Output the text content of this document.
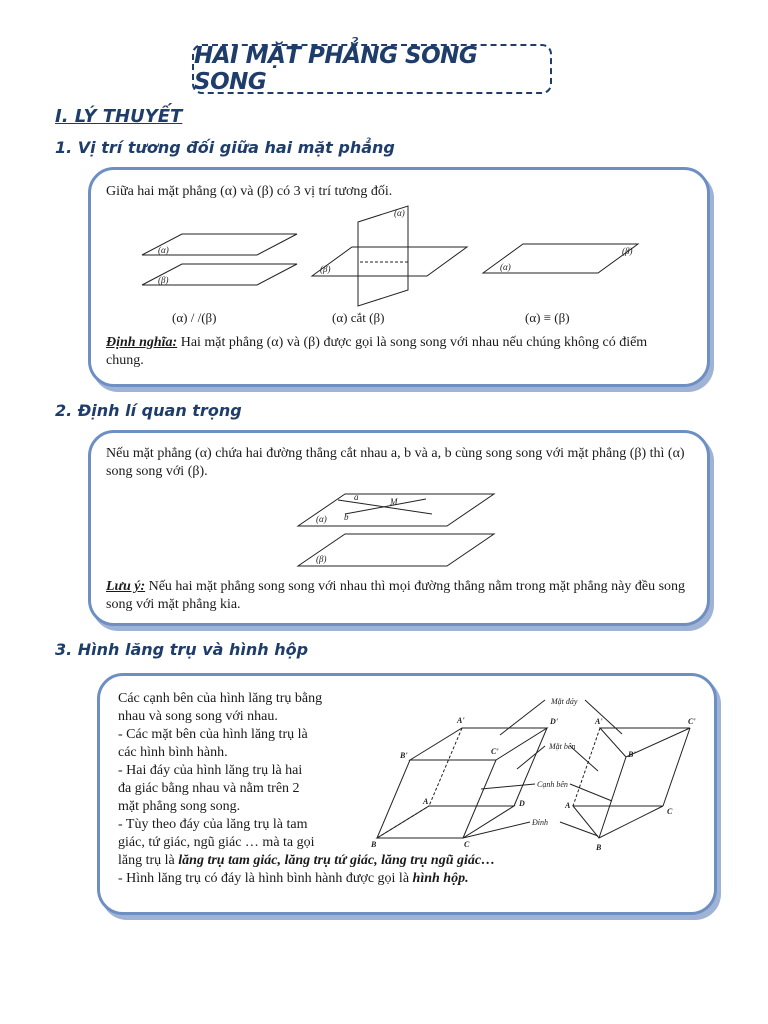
HAI MẶT PHẲNG SONG SONG
I. LÝ THUYẾT
1. Vị trí tương đối giữa hai mặt phẳng
Giữa hai mặt phẳng (α) và (β) có 3 vị trí tương đối.
(α)
(β)
(α)
(β)	(α)
(β)
(α) / /(β)	(α) cắt (β)	(α) ≡ (β)
Định nghĩa: Hai mặt phẳng (α) và (β) được gọi là song song với nhau nếu chúng không có điểm chung.
2. Định lí quan trọng
Nếu mặt phẳng (α) chứa hai đường thẳng cắt nhau a, b và a, b cùng song song với mặt phẳng (β) thì (α) song song với (β).
(α)
(β)
a
b
M
Lưu ý: Nếu hai mặt phẳng song song với nhau thì mọi đường thẳng nằm trong mặt phẳng này đều song song với mặt phẳng kia.
3. Hình lăng trụ và hình hộp
Các cạnh bên của hình lăng trụ bằng
nhau và song song với nhau.
- Các mặt bên của hình lăng trụ là
các hình bình hành.
- Hai đáy của hình lăng trụ là hai
đa giác bằng nhau và nằm trên 2
mặt phẳng song song.
- Tùy theo đáy của lăng trụ là tam
giác, tứ giác, ngũ giác … mà ta gọi
lăng trụ là lăng trụ tam giác, lăng trụ tứ giác, lăng trụ ngũ giác…
- Hình lăng trụ có đáy là hình bình hành được gọi là hình hộp.
Mặt đáy
Mặt bên
Cạnh bên
Đỉnh
A'	D'
B'	C'
A	D
B	C
A'	C'
B'
A
C
B
